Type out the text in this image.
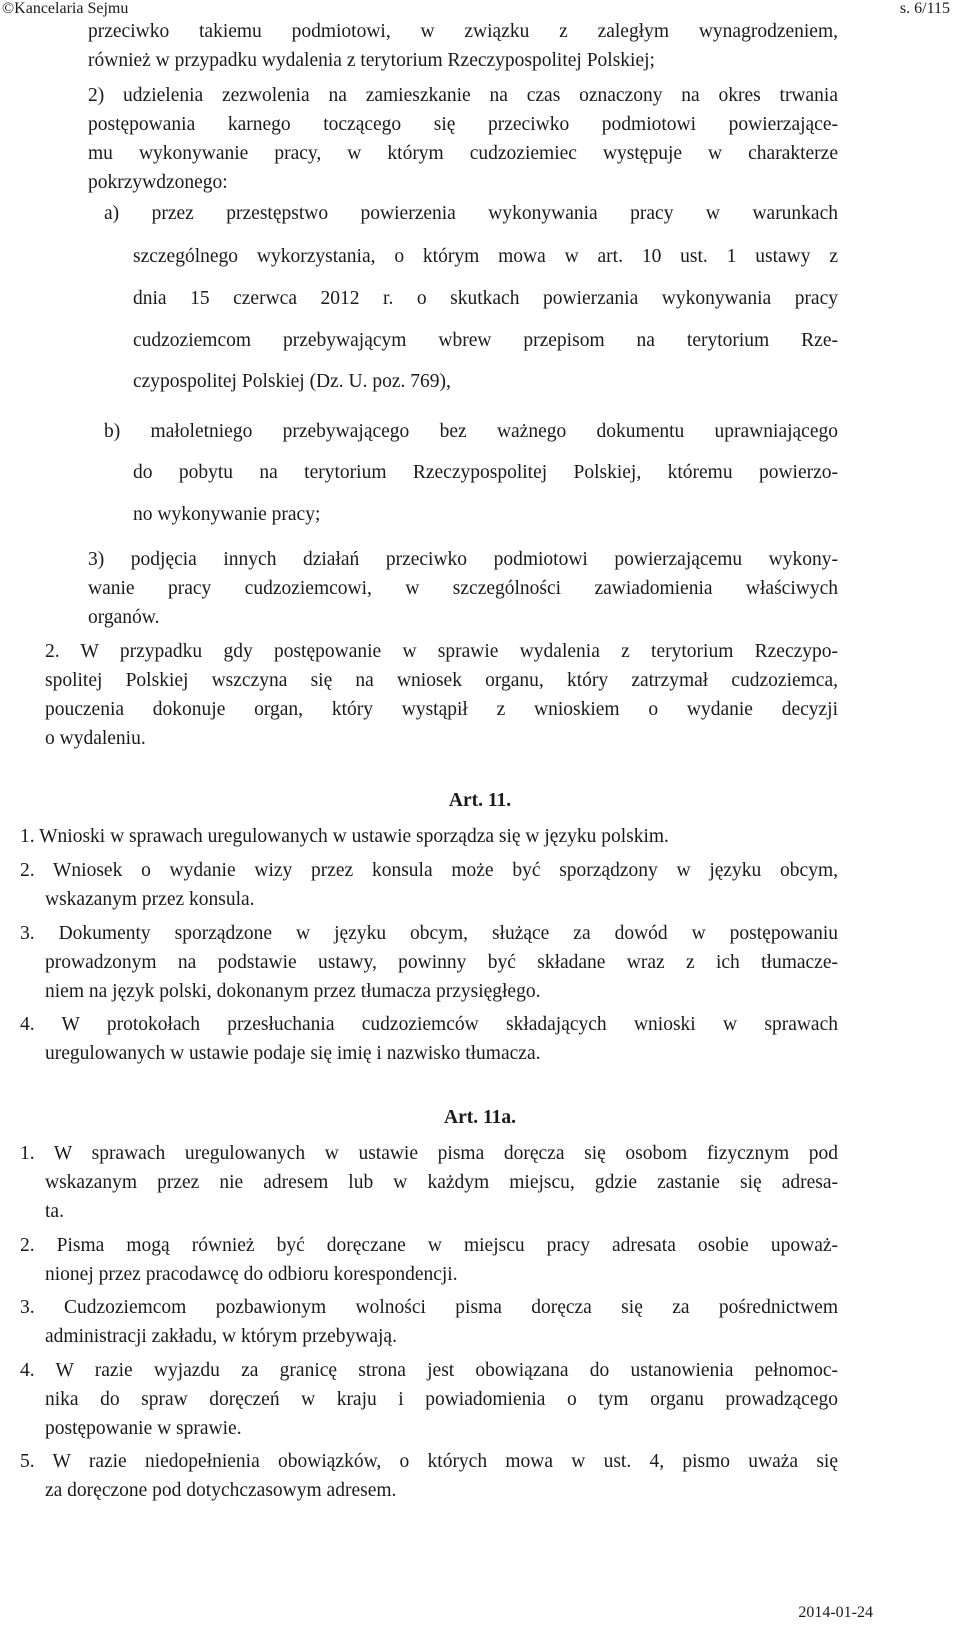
©Kancelaria Sejmu	s. 6/115
przeciwko takiemu podmiotowi, w związku z zaległym wynagrodzeniem,
również w przypadku wydalenia z terytorium Rzeczypospolitej Polskiej;
2) udzielenia zezwolenia na zamieszkanie na czas oznaczony na okres trwania
postępowania karnego toczącego się przeciwko podmiotowi powierzające-
mu wykonywanie pracy, w którym cudzoziemiec występuje w charakterze
pokrzywdzonego:
a) przez przestępstwo powierzenia wykonywania pracy w warunkach
szczególnego wykorzystania, o którym mowa w art. 10 ust. 1 ustawy z
dnia 15 czerwca 2012 r. o skutkach powierzania wykonywania pracy
cudzoziemcom przebywającym wbrew przepisom na terytorium Rze-
czypospolitej Polskiej (Dz. U. poz. 769),
b) małoletniego przebywającego bez ważnego dokumentu uprawniającego
do pobytu na terytorium Rzeczypospolitej Polskiej, któremu powierzo-
no wykonywanie pracy;
3) podjęcia innych działań przeciwko podmiotowi powierzającemu wykony-
wanie pracy cudzoziemcowi, w szczególności zawiadomienia właściwych
organów.
2. W przypadku gdy postępowanie w sprawie wydalenia z terytorium Rzeczypo-
spolitej Polskiej wszczyna się na wniosek organu, który zatrzymał cudzoziemca,
pouczenia dokonuje organ, który wystąpił z wnioskiem o wydanie decyzji
o wydaleniu.
Art. 11.
1. Wnioski w sprawach uregulowanych w ustawie sporządza się w języku polskim.
2. Wniosek o wydanie wizy przez konsula może być sporządzony w języku obcym,
wskazanym przez konsula.
3. Dokumenty sporządzone w języku obcym, służące za dowód w postępowaniu
prowadzonym na podstawie ustawy, powinny być składane wraz z ich tłumacze-
niem na język polski, dokonanym przez tłumacza przysięgłego.
4. W protokołach przesłuchania cudzoziemców składających wnioski w sprawach
uregulowanych w ustawie podaje się imię i nazwisko tłumacza.
Art. 11a.
1. W sprawach uregulowanych w ustawie pisma doręcza się osobom fizycznym pod
wskazanym przez nie adresem lub w każdym miejscu, gdzie zastanie się adresa-
ta.
2. Pisma mogą również być doręczane w miejscu pracy adresata osobie upoważ-
nionej przez pracodawcę do odbioru korespondencji.
3. Cudzoziemcom pozbawionym wolności pisma doręcza się za pośrednictwem
administracji zakładu, w którym przebywają.
4. W razie wyjazdu za granicę strona jest obowiązana do ustanowienia pełnomoc-
nika do spraw doręczeń w kraju i powiadomienia o tym organu prowadzącego
postępowanie w sprawie.
5. W razie niedopełnienia obowiązków, o których mowa w ust. 4, pismo uważa się
za doręczone pod dotychczasowym adresem.
2014-01-24
